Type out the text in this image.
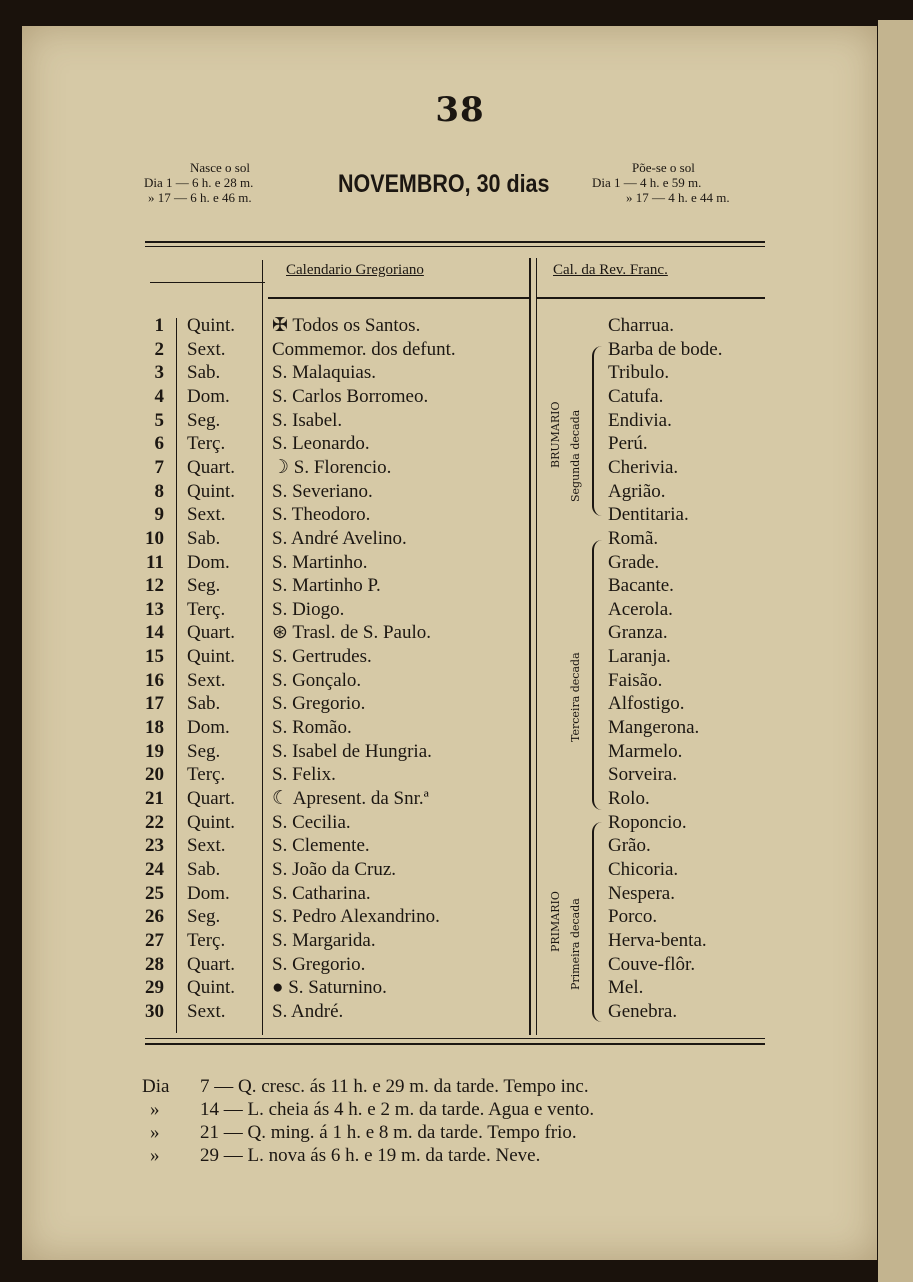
38
Nasce o sol
Dia 1 — 6 h. e 28 m.
» 17 — 6 h. e 46 m.	NOVEMBRO, 30 dias
Põe-se o sol
Dia 1 — 4 h. e 59 m.
» 17 — 4 h. e 44 m.
Calendario Gregoriano	Cal. da Rev. Franc.
1 Quint. ✠ Todos os Santos.	Charrua.
2 Sext. Commemor. dos defunt.	Barba de bode.
3 Sab.	S. Malaquias.	Tribulo.
4 Dom. S. Carlos Borromeo.	Catufa.
5 Seg.	S. Isabel.	Endivia.
6 Terç. S. Leonardo.	Perú.
7 Quart. ☽ S. Florencio.	Cherivia.
8 Quint. S. Severiano.	Agrião.
9 Sext. S. Theodoro.	Dentitaria.
10 Sab.	S. André Avelino.	Romã.
11 Dom. S. Martinho.	Grade.
12 Seg.	S. Martinho P.	Bacante.
13 Terç. S. Diogo.	Acerola.
14 Quart. ⊛ Trasl. de S. Paulo.	Granza.
15 Quint. S. Gertrudes.	Laranja.
16 Sext. S. Gonçalo.	Faisão.
17 Sab.	S. Gregorio.	Alfostigo.
18 Dom. S. Romão.	Mangerona.
19 Seg.	S. Isabel de Hungria.	Marmelo.
20 Terç. S. Felix.	Sorveira.
21 Quart. ☾ Apresent. da Snr.ª	Rolo.
22 Quint. S. Cecilia.	Roponcio.
23 Sext. S. Clemente.	Grão.
24 Sab.	S. João da Cruz.	Chicoria.
25 Dom. S. Catharina.	Nespera.
26 Seg.	S. Pedro Alexandrino.	Porco.
27 Terç. S. Margarida.	Herva-benta.
28 Quart. S. Gregorio.	Couve-flôr.
29 Quint. ● S. Saturnino.	Mel.
30 Sext. S. André.	Genebra.
BRUMARIO Segunda decada
Terceira decada
PRIMARIO Primeira decada
Dia 7 — Q. cresc. ás 11 h. e 29 m. da tarde. Tempo inc.
» 14 — L. cheia ás 4 h. e 2 m. da tarde. Agua e vento.
» 21 — Q. ming. á 1 h. e 8 m. da tarde. Tempo frio.
» 29 — L. nova ás 6 h. e 19 m. da tarde. Neve.
